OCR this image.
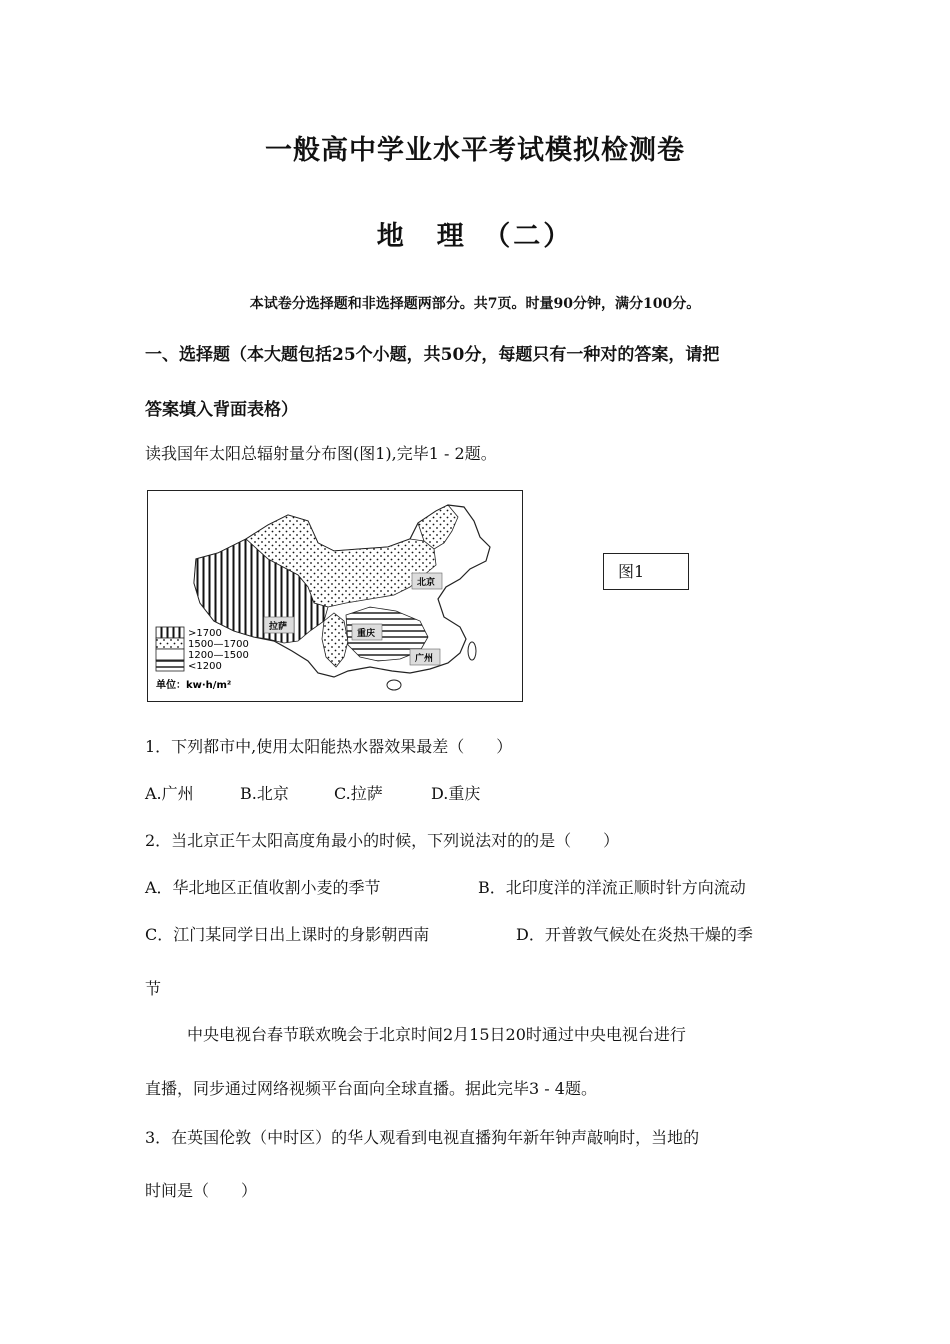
一般高中学业水平考试模拟检测卷
地　理　（二）
本试卷分选择题和非选择题两部分。共7页。时量90分钟，满分100分。
一、选择题（本大题包括25个小题，共50分，每题只有一种对的答案，请把
答案填入背面表格）
读我国年太阳总辐射量分布图(图1),完毕1 - 2题。
北京
拉萨
重庆
广州
>1700
1500—1700
1200—1500
<1200
单位：kw·h/m²
图1
1．下列都市中,使用太阳能热水器效果最差（　　）
A.广州	B.北京	C.拉萨	D.重庆
2．当北京正午太阳高度角最小的时候，下列说法对的的是（　　）
A．华北地区正值收割小麦的季节	B．北印度洋的洋流正顺时针方向流动
C．江门某同学日出上课时的身影朝西南	D．开普敦气候处在炎热干燥的季
节
中央电视台春节联欢晚会于北京时间2月15日20时通过中央电视台进行
直播，同步通过网络视频平台面向全球直播。据此完毕3 - 4题。
3．在英国伦敦（中时区）的华人观看到电视直播狗年新年钟声敲响时，当地的
时间是（　　）
